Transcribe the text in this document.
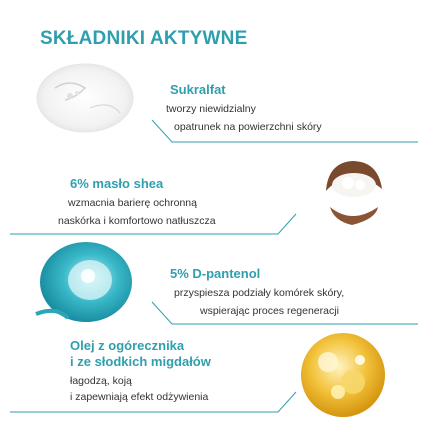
SKŁADNIKI AKTYWNE
Sukralfat
tworzy niewidzialny
opatrunek na powierzchni skóry
6% masło shea
wzmacnia barierę ochronną
naskórka i komfortowo natłuszcza
5% D-pantenol
przyspiesza podziały komórek skóry,
wspierając proces regeneracji
Olej z ogórecznika
i ze słodkich migdałów
łagodzą, koją
i zapewniają efekt odżywienia
